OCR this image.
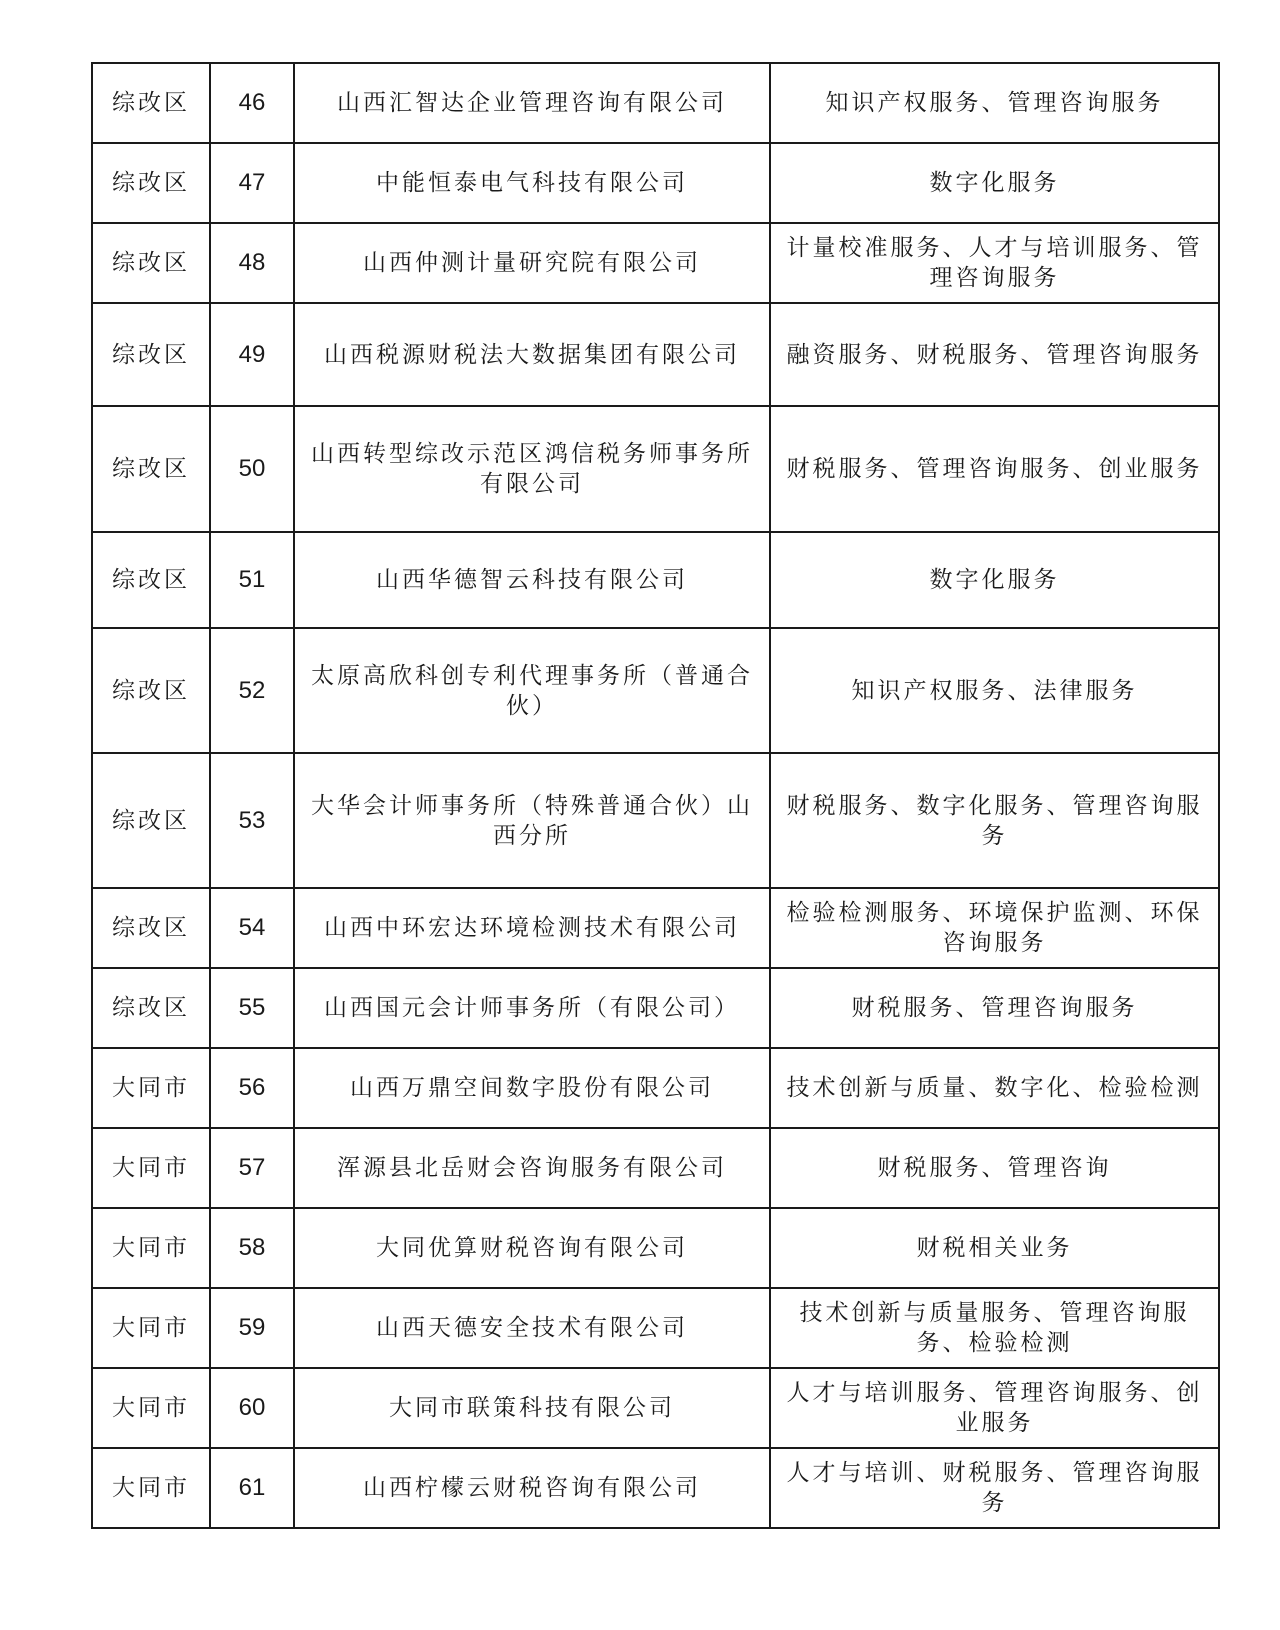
综改区	46	山西汇智达企业管理咨询有限公司	知识产权服务、管理咨询服务
综改区	47	中能恒泰电气科技有限公司	数字化服务
综改区	48	山西仲测计量研究院有限公司	计量校准服务、人才与培训服务、管理咨询服务
综改区	49	山西税源财税法大数据集团有限公司	融资服务、财税服务、管理咨询服务
综改区	50	山西转型综改示范区鸿信税务师事务所有限公司	财税服务、管理咨询服务、创业服务
综改区	51	山西华德智云科技有限公司	数字化服务
综改区	52	太原高欣科创专利代理事务所（普通合伙）	知识产权服务、法律服务
综改区	53	大华会计师事务所（特殊普通合伙）山西分所	财税服务、数字化服务、管理咨询服务
综改区	54	山西中环宏达环境检测技术有限公司	检验检测服务、环境保护监测、环保咨询服务
综改区	55	山西国元会计师事务所（有限公司）	财税服务、管理咨询服务
大同市	56	山西万鼎空间数字股份有限公司	技术创新与质量、数字化、检验检测
大同市	57	浑源县北岳财会咨询服务有限公司	财税服务、管理咨询
大同市	58	大同优算财税咨询有限公司	财税相关业务
大同市	59	山西天德安全技术有限公司	技术创新与质量服务、管理咨询服务、检验检测
大同市	60	大同市联策科技有限公司	人才与培训服务、管理咨询服务、创业服务
大同市	61	山西柠檬云财税咨询有限公司	人才与培训、财税服务、管理咨询服务
